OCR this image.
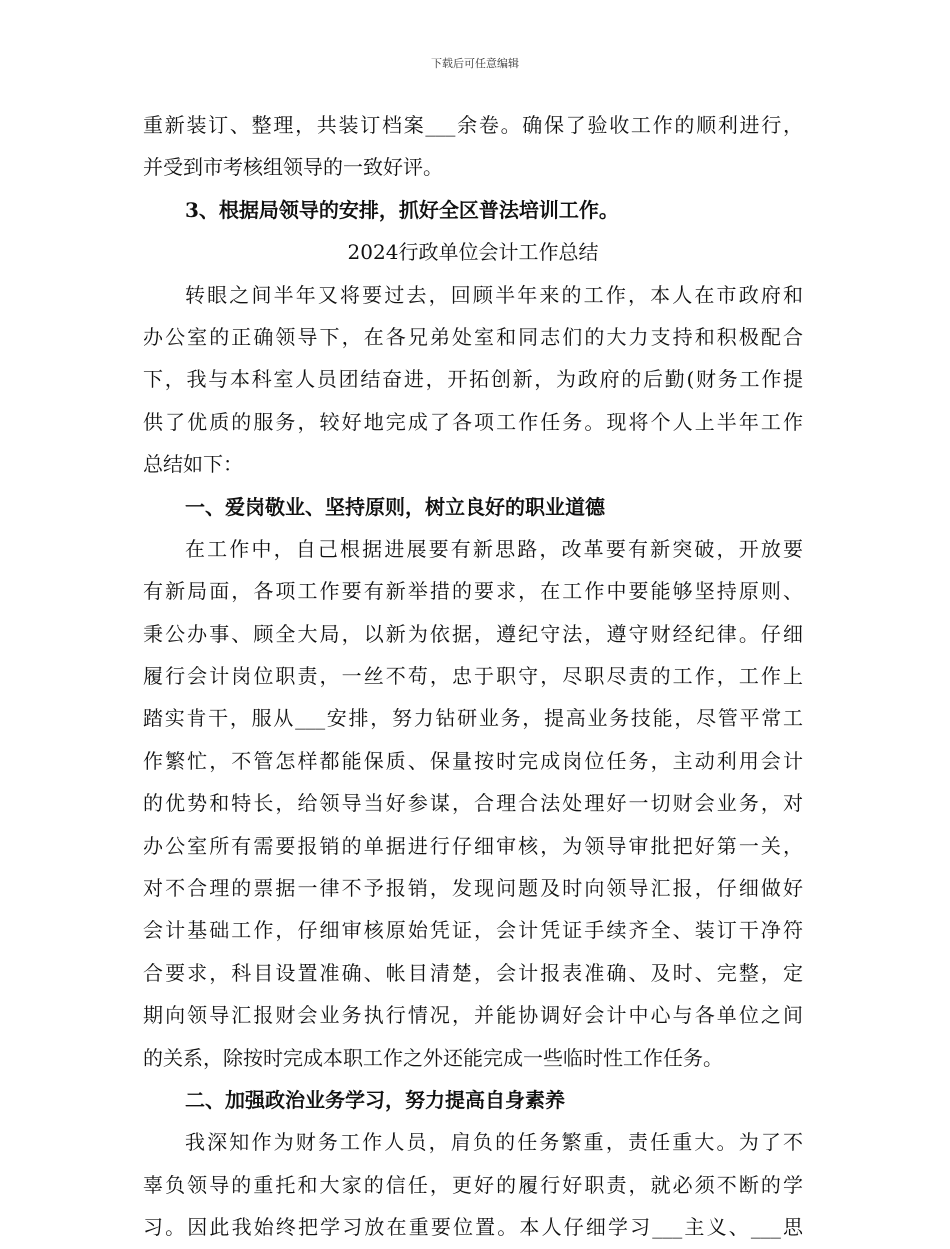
下载后可任意编辑
重新装订、整理，共装订档案___余卷。确保了验收工作的顺利进行，
并受到市考核组领导的一致好评。
3、根据局领导的安排，抓好全区普法培训工作。
2024行政单位会计工作总结
转眼之间半年又将要过去，回顾半年来的工作，本人在市政府和
办公室的正确领导下，在各兄弟处室和同志们的大力支持和积极配合
下，我与本科室人员团结奋进，开拓创新，为政府的后勤(财务工作提
供了优质的服务，较好地完成了各项工作任务。现将个人上半年工作
总结如下：
一、爱岗敬业、坚持原则，树立良好的职业道德
在工作中，自己根据进展要有新思路，改革要有新突破，开放要
有新局面，各项工作要有新举措的要求，在工作中要能够坚持原则、
秉公办事、顾全大局，以新为依据，遵纪守法，遵守财经纪律。仔细
履行会计岗位职责，一丝不苟，忠于职守，尽职尽责的工作，工作上
踏实肯干，服从___安排，努力钻研业务，提高业务技能，尽管平常工
作繁忙，不管怎样都能保质、保量按时完成岗位任务，主动利用会计
的优势和特长，给领导当好参谋，合理合法处理好一切财会业务，对
办公室所有需要报销的单据进行仔细审核，为领导审批把好第一关，
对不合理的票据一律不予报销，发现问题及时向领导汇报，仔细做好
会计基础工作，仔细审核原始凭证，会计凭证手续齐全、装订干净符
合要求，科目设置准确、帐目清楚，会计报表准确、及时、完整，定
期向领导汇报财会业务执行情况，并能协调好会计中心与各单位之间
的关系，除按时完成本职工作之外还能完成一些临时性工作任务。
二、加强政治业务学习，努力提高自身素养
我深知作为财务工作人员，肩负的任务繁重，责任重大。为了不
辜负领导的重托和大家的信任，更好的履行好职责，就必须不断的学
习。因此我始终把学习放在重要位置。本人仔细学习___主义、___思
